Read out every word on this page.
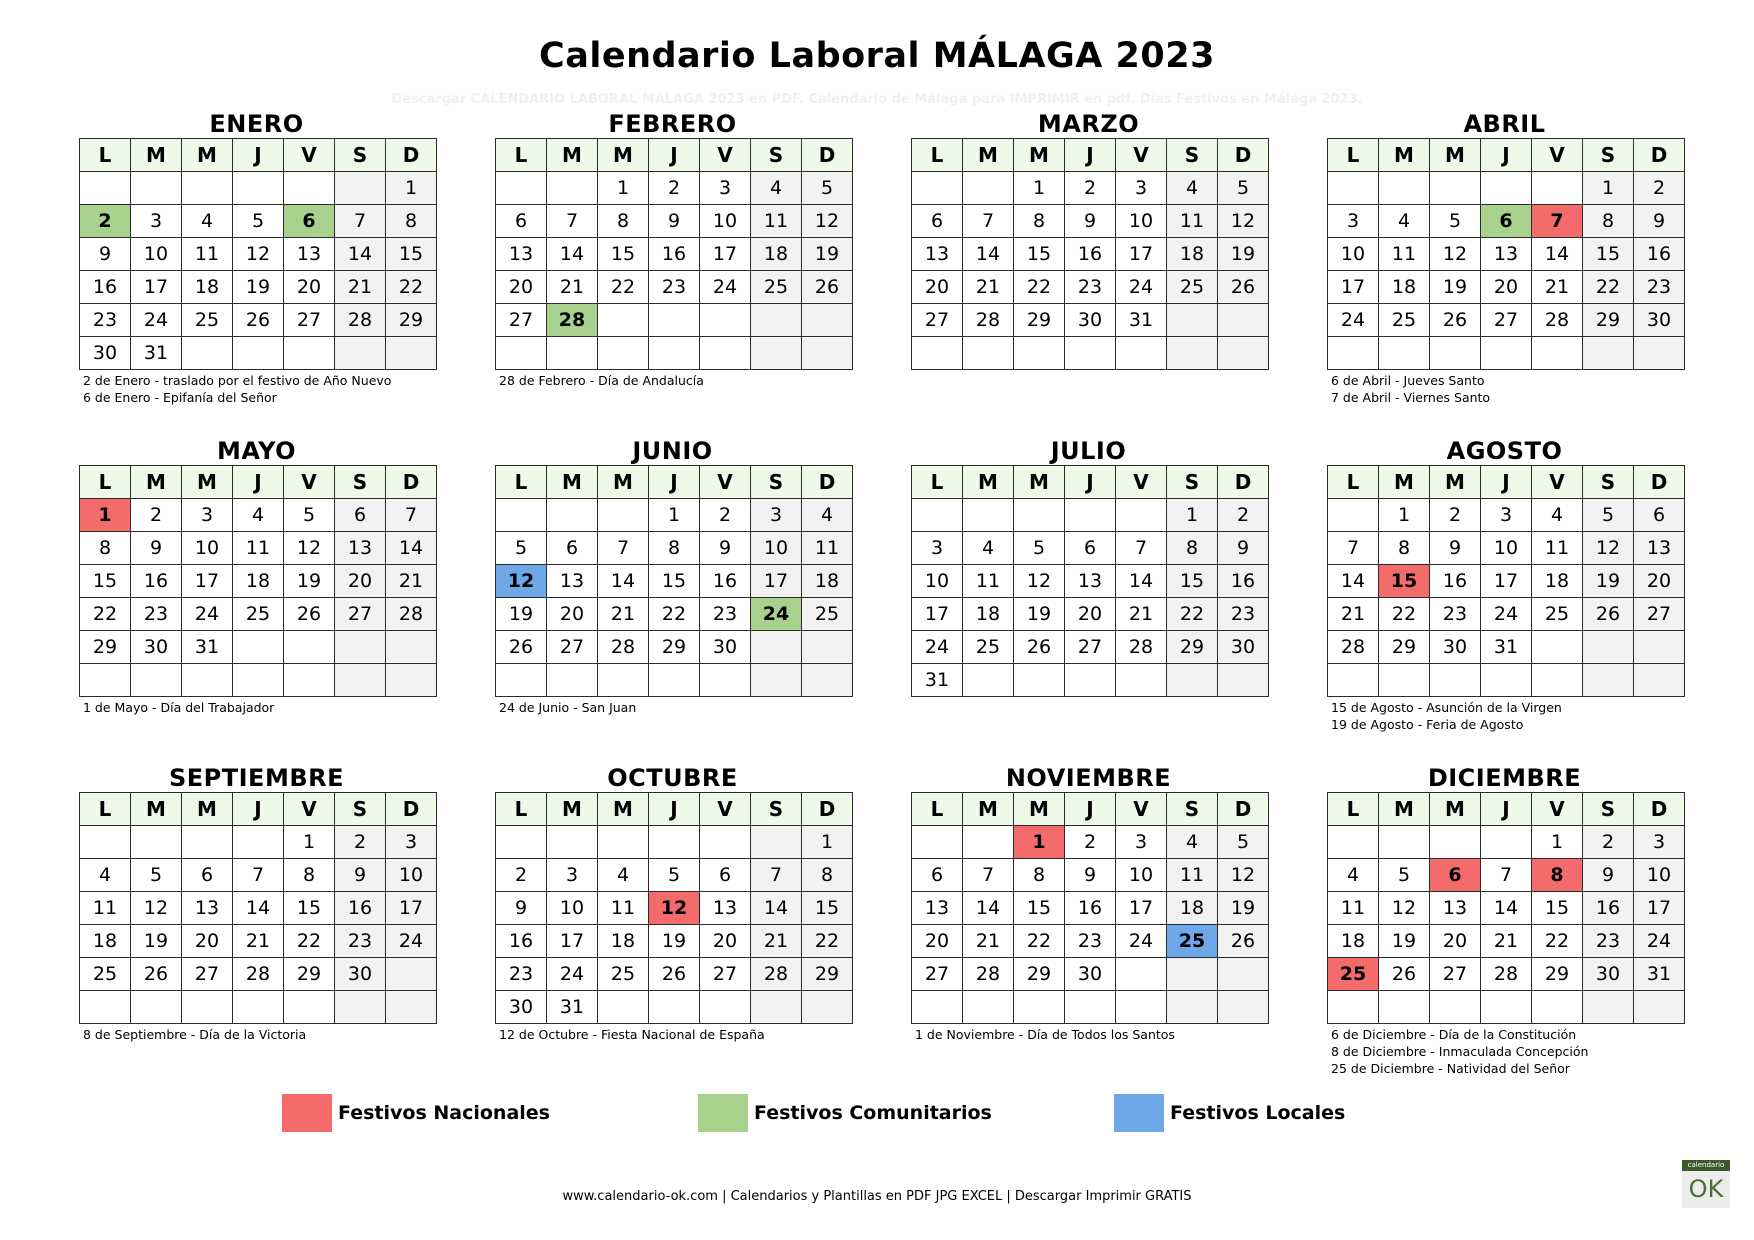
Calendario Laboral MÁLAGA 2023

Descargar CALENDARIO LABORAL MÁLAGA 2023 en PDF. Calendario de Málaga para IMPRIMIR en pdf. Días Festivos en Málaga 2023.

ENERO
L	M	M	J	V	S	D
						1
2	3	4	5	6	7	8
9	10	11	12	13	14	15
16	17	18	19	20	21	22
23	24	25	26	27	28	29
30	31					
2 de Enero - traslado por el festivo de Año Nuevo
6 de Enero - Epifanía del Señor
FEBRERO
L	M	M	J	V	S	D
		1	2	3	4	5
6	7	8	9	10	11	12
13	14	15	16	17	18	19
20	21	22	23	24	25	26
27	28					

28 de Febrero - Día de Andalucía
MARZO
L	M	M	J	V	S	D
		1	2	3	4	5
6	7	8	9	10	11	12
13	14	15	16	17	18	19
20	21	22	23	24	25	26
27	28	29	30	31		

ABRIL
L	M	M	J	V	S	D
					1	2
3	4	5	6	7	8	9
10	11	12	13	14	15	16
17	18	19	20	21	22	23
24	25	26	27	28	29	30

6 de Abril - Jueves Santo
7 de Abril - Viernes Santo
MAYO
L	M	M	J	V	S	D
1	2	3	4	5	6	7
8	9	10	11	12	13	14
15	16	17	18	19	20	21
22	23	24	25	26	27	28
29	30	31				

1 de Mayo - Día del Trabajador
JUNIO
L	M	M	J	V	S	D
			1	2	3	4
5	6	7	8	9	10	11
12	13	14	15	16	17	18
19	20	21	22	23	24	25
26	27	28	29	30		

24 de Junio - San Juan
JULIO
L	M	M	J	V	S	D
					1	2
3	4	5	6	7	8	9
10	11	12	13	14	15	16
17	18	19	20	21	22	23
24	25	26	27	28	29	30
31						
AGOSTO
L	M	M	J	V	S	D
	1	2	3	4	5	6
7	8	9	10	11	12	13
14	15	16	17	18	19	20
21	22	23	24	25	26	27
28	29	30	31			

15 de Agosto - Asunción de la Virgen
19 de Agosto - Feria de Agosto
SEPTIEMBRE
L	M	M	J	V	S	D
				1	2	3
4	5	6	7	8	9	10
11	12	13	14	15	16	17
18	19	20	21	22	23	24
25	26	27	28	29	30	

8 de Septiembre - Día de la Victoria
OCTUBRE
L	M	M	J	V	S	D
						1
2	3	4	5	6	7	8
9	10	11	12	13	14	15
16	17	18	19	20	21	22
23	24	25	26	27	28	29
30	31					
12 de Octubre - Fiesta Nacional de España
NOVIEMBRE
L	M	M	J	V	S	D
		1	2	3	4	5
6	7	8	9	10	11	12
13	14	15	16	17	18	19
20	21	22	23	24	25	26
27	28	29	30			

1 de Noviembre - Día de Todos los Santos
DICIEMBRE
L	M	M	J	V	S	D
				1	2	3
4	5	6	7	8	9	10
11	12	13	14	15	16	17
18	19	20	21	22	23	24
25	26	27	28	29	30	31

6 de Diciembre - Día de la Constitución
8 de Diciembre - Inmaculada Concepción
25 de Diciembre - Natividad del Señor
Festivos Nacionales	Festivos Comunitarios	Festivos Locales
www.calendario-ok.com | Calendarios y Plantillas en PDF JPG EXCEL | Descargar Imprimir GRATIS
calendario
OK
